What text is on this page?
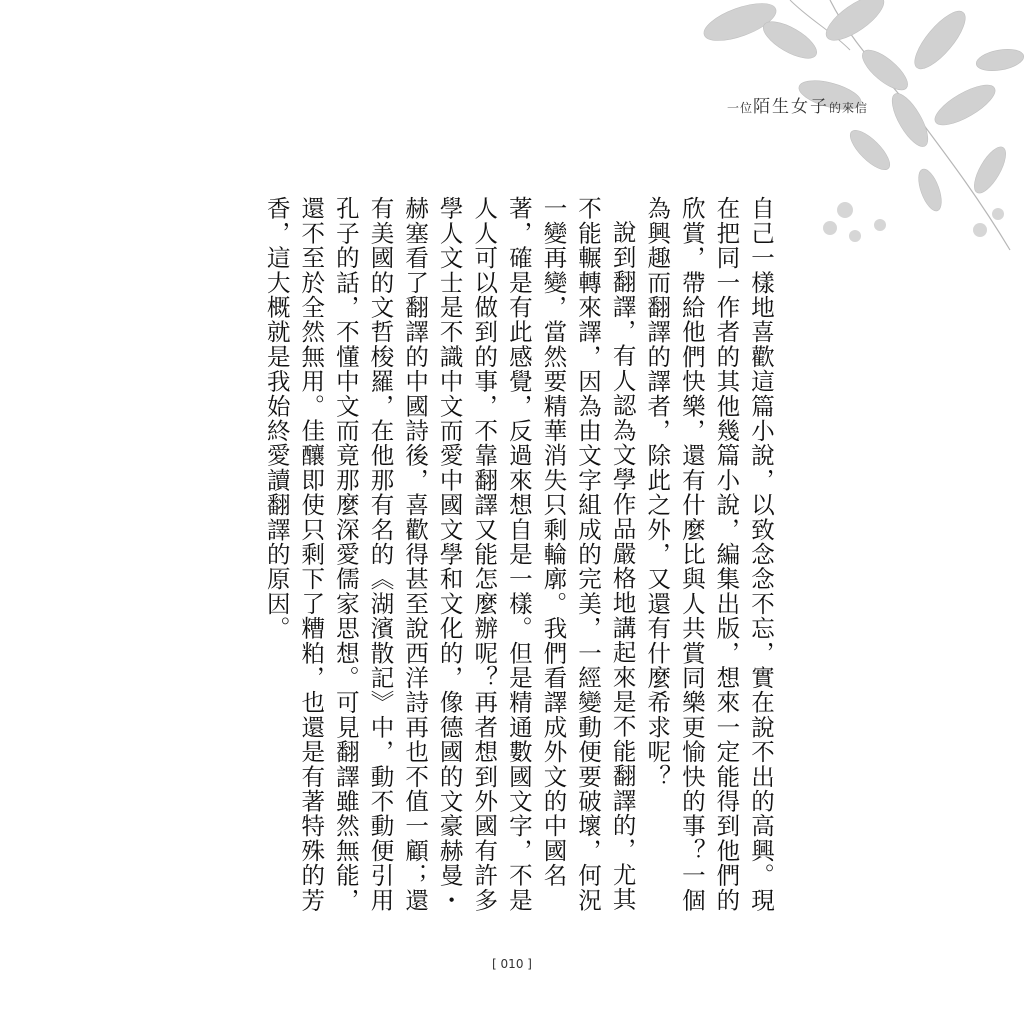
一位陌生女子的來信

自己一樣地喜歡這篇小說，以致念念不忘，實在說不出的高興。現在把同一作者的其他幾篇小說，編集出版，想來一定能得到他們的欣賞，帶給他們快樂，還有什麼比與人共賞同樂更愉快的事？一個為興趣而翻譯的譯者，除此之外，又還有什麼希求呢？

說到翻譯，有人認為文學作品嚴格地講起來是不能翻譯的，尤其不能輾轉來譯，因為由文字組成的完美，一經變動便要破壞，何況一變再變，當然要精華消失只剩輪廓。我們看譯成外文的中國名著，確是有此感覺，反過來想自是一樣。但是精通數國文字，不是人人可以做到的事，不靠翻譯又能怎麼辦呢？再者想到外國有許多學人文士是不識中文而愛中國文學和文化的，像德國的文豪赫曼・赫塞看了翻譯的中國詩後，喜歡得甚至說西洋詩再也不值一顧；還有美國的文哲梭羅，在他那有名的《湖濱散記》中，動不動便引用孔子的話，不懂中文而竟那麼深愛儒家思想。可見翻譯雖然無能，還不至於全然無用。佳釀即使只剩下了糟粕，也還是有著特殊的芳香，這大概就是我始終愛讀翻譯的原因。

[ 010 ]
